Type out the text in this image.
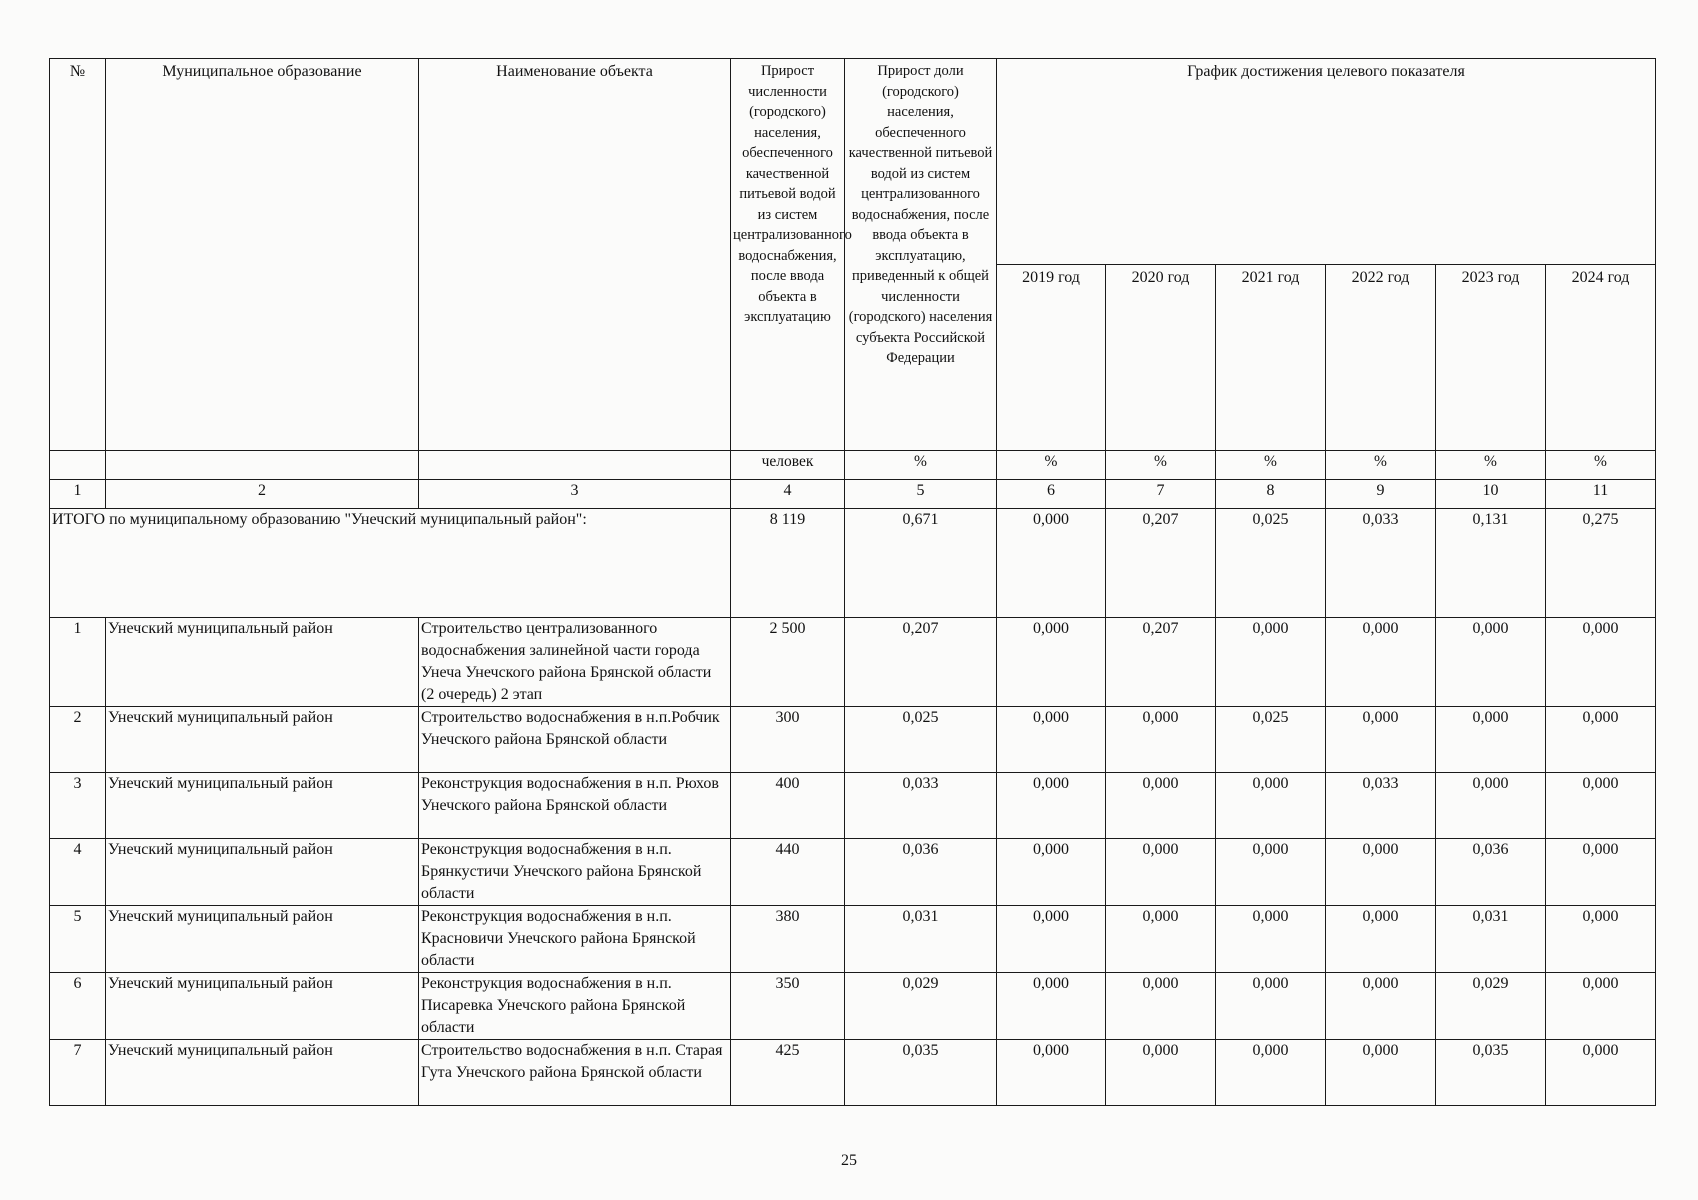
№	Муниципальное образование	Наименование объекта	Прирост численности (городского) населения, обеспеченного качественной питьевой водой из систем централизованного водоснабжения, после ввода объекта в эксплуатацию	Прирост доли (городского) населения, обеспеченного качественной питьевой водой из систем централизованного водоснабжения, после ввода объекта в эксплуатацию, приведенный к общей численности (городского) населения субъекта Российской Федерации	График достижения целевого показателя					
					2019 год	2020 год	2021 год	2022 год	2023 год	2024 год
			человек	%	%	%	%	%	%	%
1	2	3	4	5	6	7	8	9	10	11
ИТОГО по муниципальному образованию "Унечский муниципальный район":			8 119	0,671	0,000	0,207	0,025	0,033	0,131	0,275
1	Унечский муниципальный район	Строительство централизованного водоснабжения залинейной части города Унеча Унечского района Брянской области (2 очередь) 2 этап	2 500	0,207	0,000	0,207	0,000	0,000	0,000	0,000
2	Унечский муниципальный район	Строительство водоснабжения в н.п.Робчик Унечского района Брянской области	300	0,025	0,000	0,000	0,025	0,000	0,000	0,000
3	Унечский муниципальный район	Реконструкция водоснабжения в н.п. Рюхов Унечского района Брянской области	400	0,033	0,000	0,000	0,000	0,033	0,000	0,000
4	Унечский муниципальный район	Реконструкция водоснабжения в н.п. Брянкустичи Унечского района Брянской области	440	0,036	0,000	0,000	0,000	0,000	0,036	0,000
5	Унечский муниципальный район	Реконструкция водоснабжения в н.п. Красновичи Унечского района Брянской области	380	0,031	0,000	0,000	0,000	0,000	0,031	0,000
6	Унечский муниципальный район	Реконструкция водоснабжения в н.п. Писаревка Унечского района Брянской области	350	0,029	0,000	0,000	0,000	0,000	0,029	0,000
7	Унечский муниципальный район	Строительство водоснабжения в н.п. Старая Гута Унечского района Брянской области	425	0,035	0,000	0,000	0,000	0,000	0,035	0,000
25
